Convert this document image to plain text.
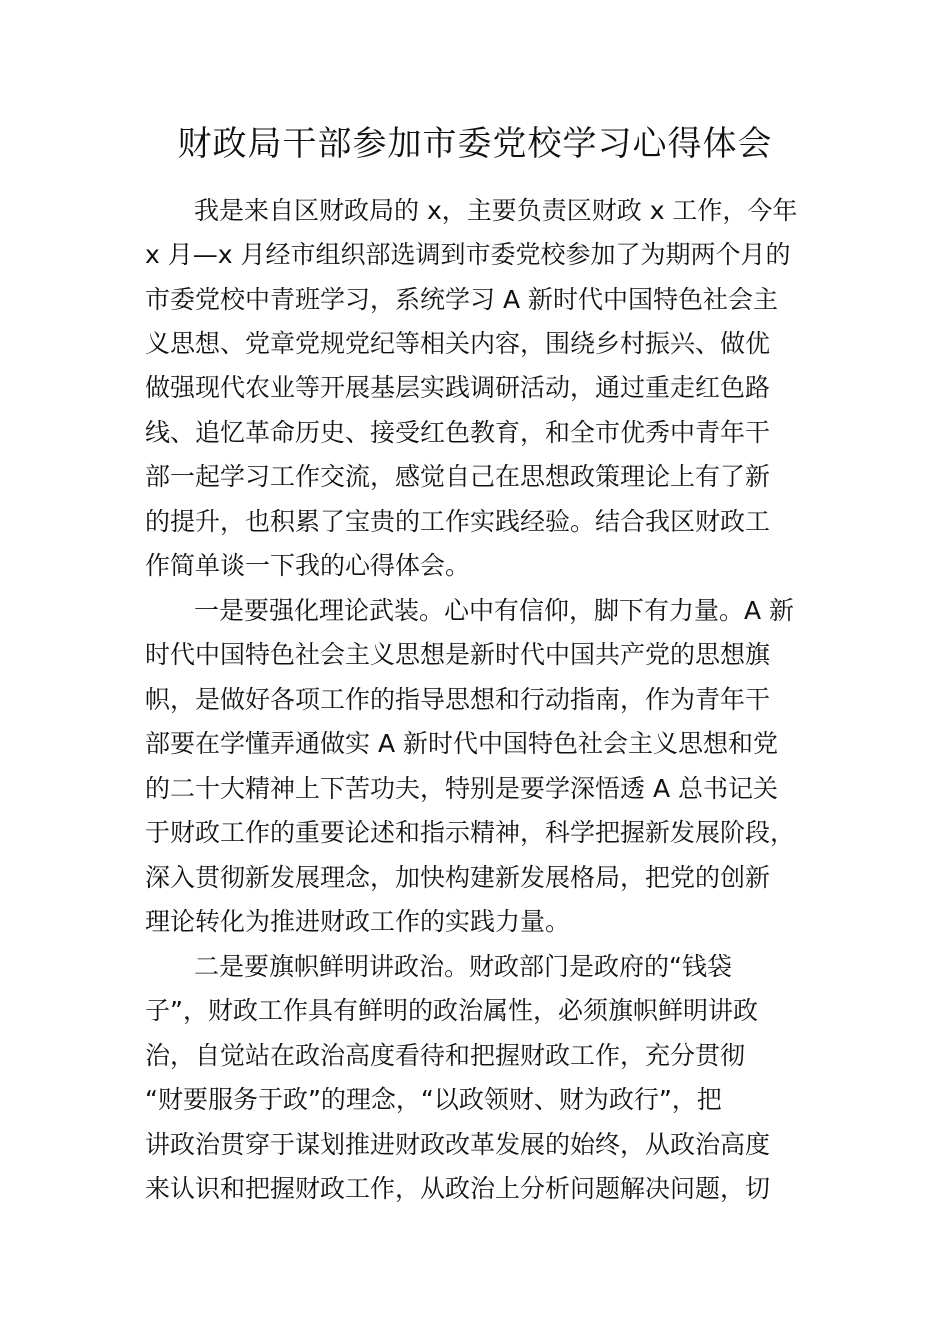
财政局干部参加市委党校学习心得体会
我是来自区财政局的 x，主要负责区财政 x 工作，今年
x 月—x 月经市组织部选调到市委党校参加了为期两个月的
市委党校中青班学习，系统学习 A 新时代中国特色社会主
义思想、党章党规党纪等相关内容，围绕乡村振兴、做优
做强现代农业等开展基层实践调研活动，通过重走红色路
线、追忆革命历史、接受红色教育，和全市优秀中青年干
部一起学习工作交流，感觉自己在思想政策理论上有了新
的提升，也积累了宝贵的工作实践经验。结合我区财政工
作简单谈一下我的心得体会。
一是要强化理论武装。心中有信仰，脚下有力量。A 新
时代中国特色社会主义思想是新时代中国共产党的思想旗
帜，是做好各项工作的指导思想和行动指南，作为青年干
部要在学懂弄通做实 A 新时代中国特色社会主义思想和党
的二十大精神上下苦功夫，特别是要学深悟透 A 总书记关
于财政工作的重要论述和指示精神，科学把握新发展阶段，
深入贯彻新发展理念，加快构建新发展格局，把党的创新
理论转化为推进财政工作的实践力量。
二是要旗帜鲜明讲政治。财政部门是政府的“钱袋
子”，财政工作具有鲜明的政治属性，必须旗帜鲜明讲政
治，自觉站在政治高度看待和把握财政工作，充分贯彻
“财要服务于政”的理念，“以政领财、财为政行”，把
讲政治贯穿于谋划推进财政改革发展的始终，从政治高度
来认识和把握财政工作，从政治上分析问题解决问题，切
